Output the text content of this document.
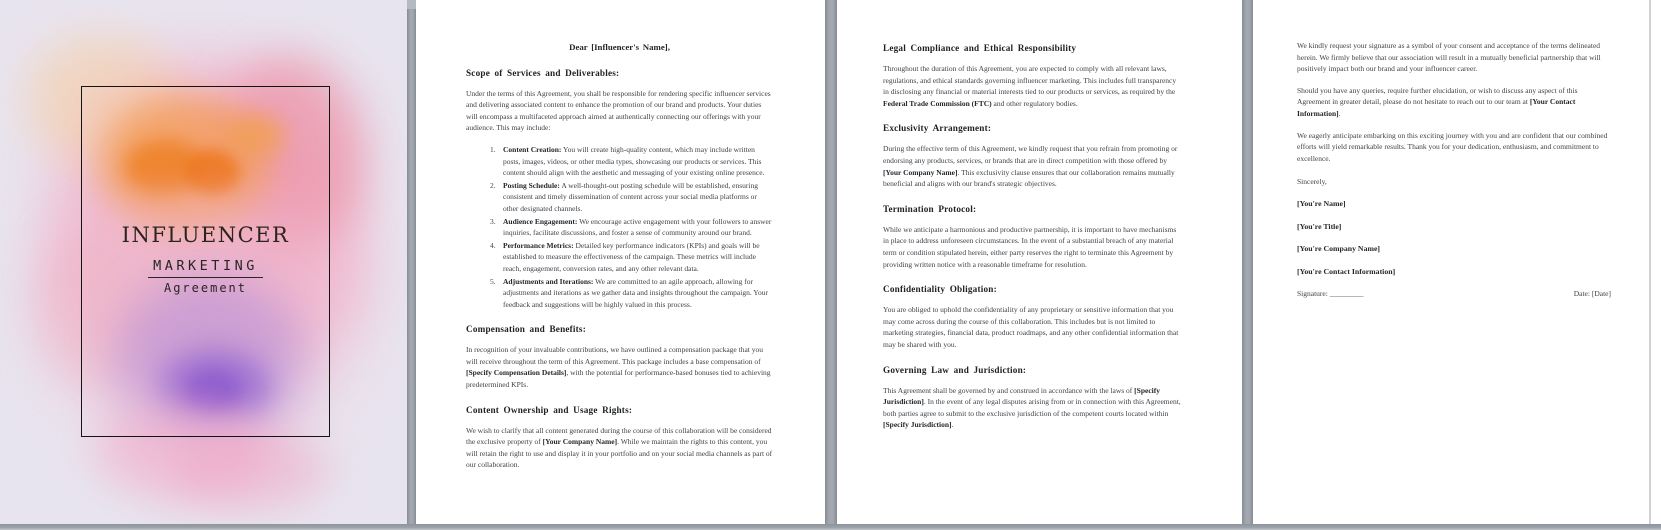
INFLUENCER
MARKETING
Agreement

Dear [Influencer's Name],

Scope of Services and Deliverables:

Under the terms of this Agreement, you shall be responsible for rendering specific influencer services and delivering associated content to enhance the promotion of our brand and products. Your duties will encompass a multifaceted approach aimed at authentically connecting our offerings with your audience. This may include:

1. Content Creation: You will create high-quality content, which may include written posts, images, videos, or other media types, showcasing our products or services. This content should align with the aesthetic and messaging of your existing online presence.

2. Posting Schedule: A well-thought-out posting schedule will be established, ensuring consistent and timely dissemination of content across your social media platforms or other designated channels.

3. Audience Engagement: We encourage active engagement with your followers to answer inquiries, facilitate discussions, and foster a sense of community around our brand.

4. Performance Metrics: Detailed key performance indicators (KPIs) and goals will be established to measure the effectiveness of the campaign. These metrics will include reach, engagement, conversion rates, and any other relevant data.

5. Adjustments and Iterations: We are committed to an agile approach, allowing for adjustments and iterations as we gather data and insights throughout the campaign. Your feedback and suggestions will be highly valued in this process.

Compensation and Benefits:

In recognition of your invaluable contributions, we have outlined a compensation package that you will receive throughout the term of this Agreement. This package includes a base compensation of [Specify Compensation Details], with the potential for performance-based bonuses tied to achieving predetermined KPIs.

Content Ownership and Usage Rights:

We wish to clarify that all content generated during the course of this collaboration will be considered the exclusive property of [Your Company Name]. While we maintain the rights to this content, you will retain the right to use and display it in your portfolio and on your social media channels as part of our collaboration.

Legal Compliance and Ethical Responsibility

Throughout the duration of this Agreement, you are expected to comply with all relevant laws, regulations, and ethical standards governing influencer marketing. This includes full transparency in disclosing any financial or material interests tied to our products or services, as required by the Federal Trade Commission (FTC) and other regulatory bodies.

Exclusivity Arrangement:

During the effective term of this Agreement, we kindly request that you refrain from promoting or endorsing any products, services, or brands that are in direct competition with those offered by [Your Company Name]. This exclusivity clause ensures that our collaboration remains mutually beneficial and aligns with our brand's strategic objectives.

Termination Protocol:

While we anticipate a harmonious and productive partnership, it is important to have mechanisms in place to address unforeseen circumstances. In the event of a substantial breach of any material term or condition stipulated herein, either party reserves the right to terminate this Agreement by providing written notice with a reasonable timeframe for resolution.

Confidentiality Obligation:

You are obliged to uphold the confidentiality of any proprietary or sensitive information that you may come across during the course of this collaboration. This includes but is not limited to marketing strategies, financial data, product roadmaps, and any other confidential information that may be shared with you.

Governing Law and Jurisdiction:

This Agreement shall be governed by and construed in accordance with the laws of [Specify Jurisdiction]. In the event of any legal disputes arising from or in connection with this Agreement, both parties agree to submit to the exclusive jurisdiction of the competent courts located within [Specify Jurisdiction].

We kindly request your signature as a symbol of your consent and acceptance of the terms delineated herein. We firmly believe that our association will result in a mutually beneficial partnership that will positively impact both our brand and your influencer career.

Should you have any queries, require further elucidation, or wish to discuss any aspect of this Agreement in greater detail, please do not hesitate to reach out to our team at [Your Contact Information].

We eagerly anticipate embarking on this exciting journey with you and are confident that our combined efforts will yield remarkable results. Thank you for your dedication, enthusiasm, and commitment to excellence.

Sincerely,

[You're Name]

[You're Title]

[You're Company Name]

[You're Contact Information]

Signature: _________	Date: [Date]
